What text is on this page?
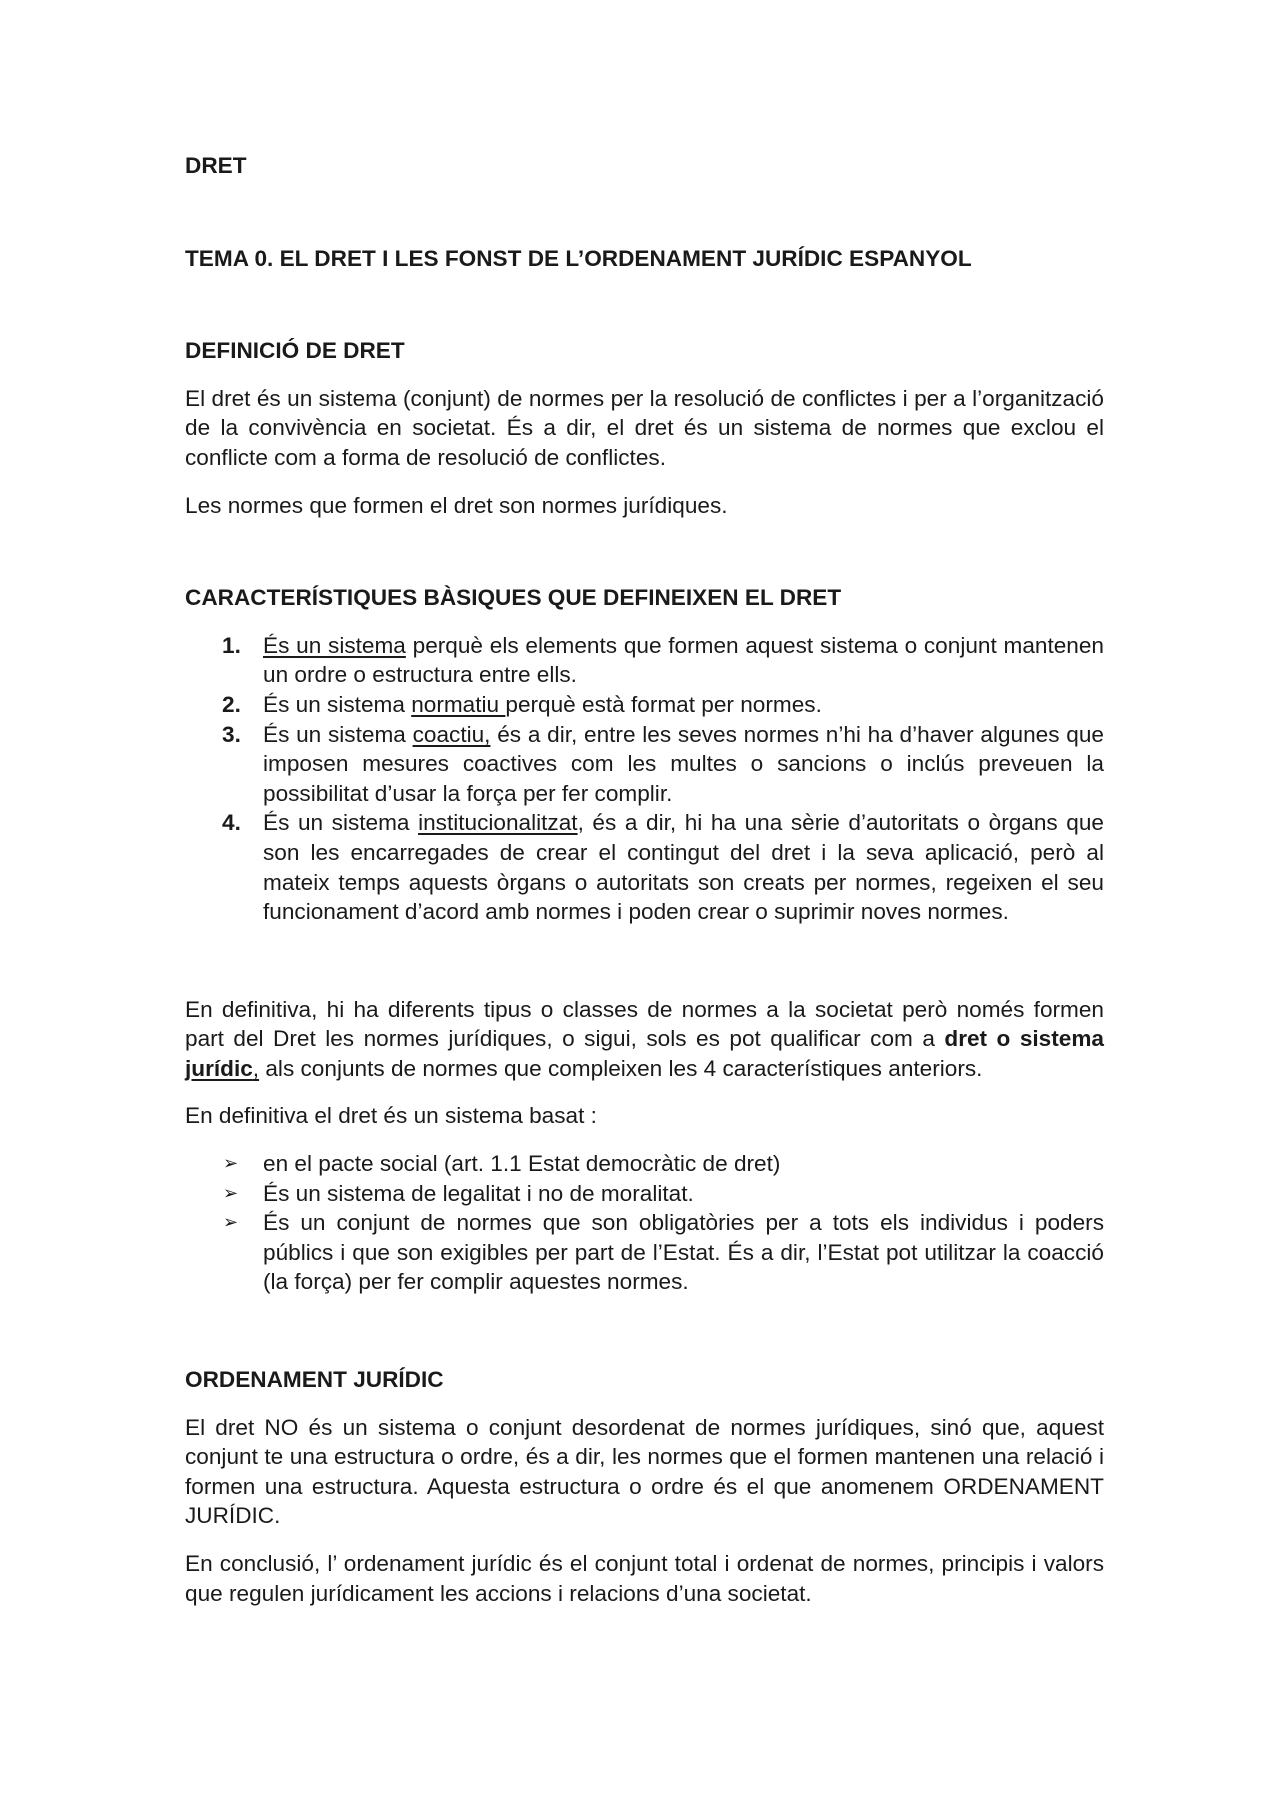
DRET

TEMA 0. EL DRET I LES FONST DE L’ORDENAMENT JURÍDIC ESPANYOL

DEFINICIÓ DE DRET

El dret és un sistema (conjunt) de normes per la resolució de conflictes i per a l’organització de la convivència en societat. És a dir, el dret és un sistema de normes que exclou el conflicte com a forma de resolució de conflictes.

Les normes que formen el dret son normes jurídiques.

CARACTERÍSTIQUES BÀSIQUES QUE DEFINEIXEN EL DRET

1. És un sistema perquè els elements que formen aquest sistema o conjunt mantenen un ordre o estructura entre ells.
2. És un sistema normatiu perquè està format per normes.
3. És un sistema coactiu, és a dir, entre les seves normes n’hi ha d’haver algunes que imposen mesures coactives com les multes o sancions o inclús preveuen la possibilitat d’usar la força per fer complir.
4. És un sistema institucionalitzat, és a dir, hi ha una sèrie d’autoritats o òrgans que son les encarregades de crear el contingut del dret i la seva aplicació, però al mateix temps aquests òrgans o autoritats son creats per normes, regeixen el seu funcionament d’acord amb normes i poden crear o suprimir noves normes.

En definitiva, hi ha diferents tipus o classes de normes a la societat però només formen part del Dret les normes jurídiques, o sigui, sols es pot qualificar com a dret o sistema jurídic, als conjunts de normes que compleixen les 4 característiques anteriors.

En definitiva el dret és un sistema basat :

➢ en el pacte social (art. 1.1 Estat democràtic de dret)
➢ És un sistema de legalitat i no de moralitat.
➢ És un conjunt de normes que son obligatòries per a tots els individus i poders públics i que son exigibles per part de l’Estat. És a dir, l’Estat pot utilitzar la coacció (la força) per fer complir aquestes normes.

ORDENAMENT JURÍDIC

El dret NO és un sistema o conjunt desordenat de normes jurídiques, sinó que, aquest conjunt te una estructura o ordre, és a dir, les normes que el formen mantenen una relació i formen una estructura. Aquesta estructura o ordre és el que anomenem ORDENAMENT JURÍDIC.

En conclusió, l’ ordenament jurídic és el conjunt total i ordenat de normes, principis i valors que regulen jurídicament les accions i relacions d’una societat.
